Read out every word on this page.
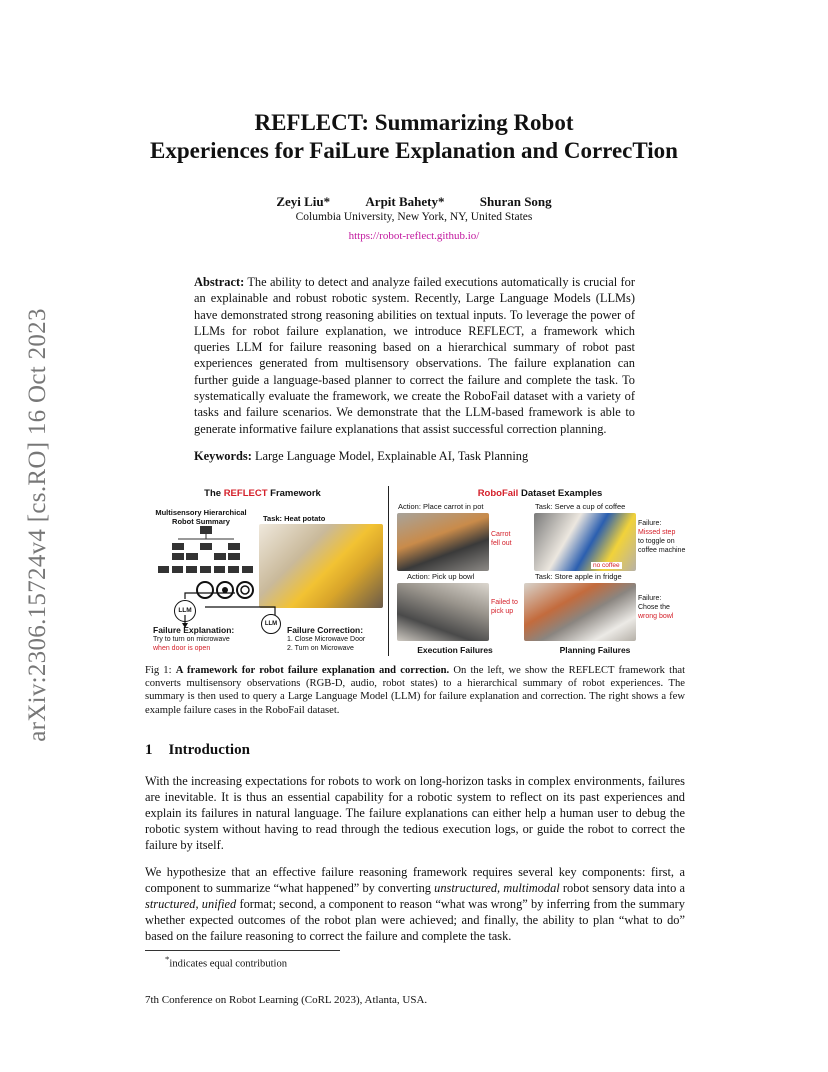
arXiv:2306.15724v4 [cs.RO] 16 Oct 2023
REFLECT: Summarizing Robot
Experiences for FaiLure Explanation and CorrecTion
Zeyi Liu*	Arpit Bahety*	Shuran Song
Columbia University, New York, NY, United States
https://robot-reflect.github.io/
Abstract: The ability to detect and analyze failed executions automatically is crucial for an explainable and robust robotic system. Recently, Large Language Models (LLMs) have demonstrated strong reasoning abilities on textual inputs. To leverage the power of LLMs for robot failure explanation, we introduce REFLECT, a framework which queries LLM for failure reasoning based on a hierarchical summary of robot past experiences generated from multisensory observations. The failure explanation can further guide a language-based planner to correct the failure and complete the task. To systematically evaluate the framework, we create the RoboFail dataset with a variety of tasks and failure scenarios. We demonstrate that the LLM-based framework is able to generate informative failure explanations that assist successful correction planning.
Keywords: Large Language Model, Explainable AI, Task Planning
The REFLECT Framework
Multisensory Hierarchical Robot Summary	Task: Heat potato
LLM
LLM
Failure Explanation:
Try to turn on microwave
when door is open
Failure Correction:
1. Close Microwave Door
2. Turn on Microwave
RoboFail Dataset Examples
Action: Place carrot in pot
Carrot fell out
Task: Serve a cup of coffee
no coffee
Failure:
Missed step
to toggle on coffee machine
Action: Pick up bowl
Failed to pick up
Task: Store apple in fridge
Failure:
Chose the
wrong bowl
Execution Failures	Planning Failures
Fig 1: A framework for robot failure explanation and correction. On the left, we show the REFLECT framework that converts multisensory observations (RGB-D, audio, robot states) to a hierarchical summary of robot experiences. The summary is then used to query a Large Language Model (LLM) for failure explanation and correction. The right shows a few example failure cases in the RoboFail dataset.
1 Introduction
With the increasing expectations for robots to work on long-horizon tasks in complex environments, failures are inevitable. It is thus an essential capability for a robotic system to reflect on its past experiences and explain its failures in natural language. The failure explanations can either help a human user to debug the robotic system without having to read through the tedious execution logs, or guide the robot to correct the failure by itself.
We hypothesize that an effective failure reasoning framework requires several key components: first, a component to summarize “what happened” by converting unstructured, multimodal robot sensory data into a structured, unified format; second, a component to reason “what was wrong” by inferring from the summary whether expected outcomes of the robot plan were achieved; and finally, the ability to plan “what to do” based on the failure reasoning to correct the failure and complete the task.
*indicates equal contribution
7th Conference on Robot Learning (CoRL 2023), Atlanta, USA.
